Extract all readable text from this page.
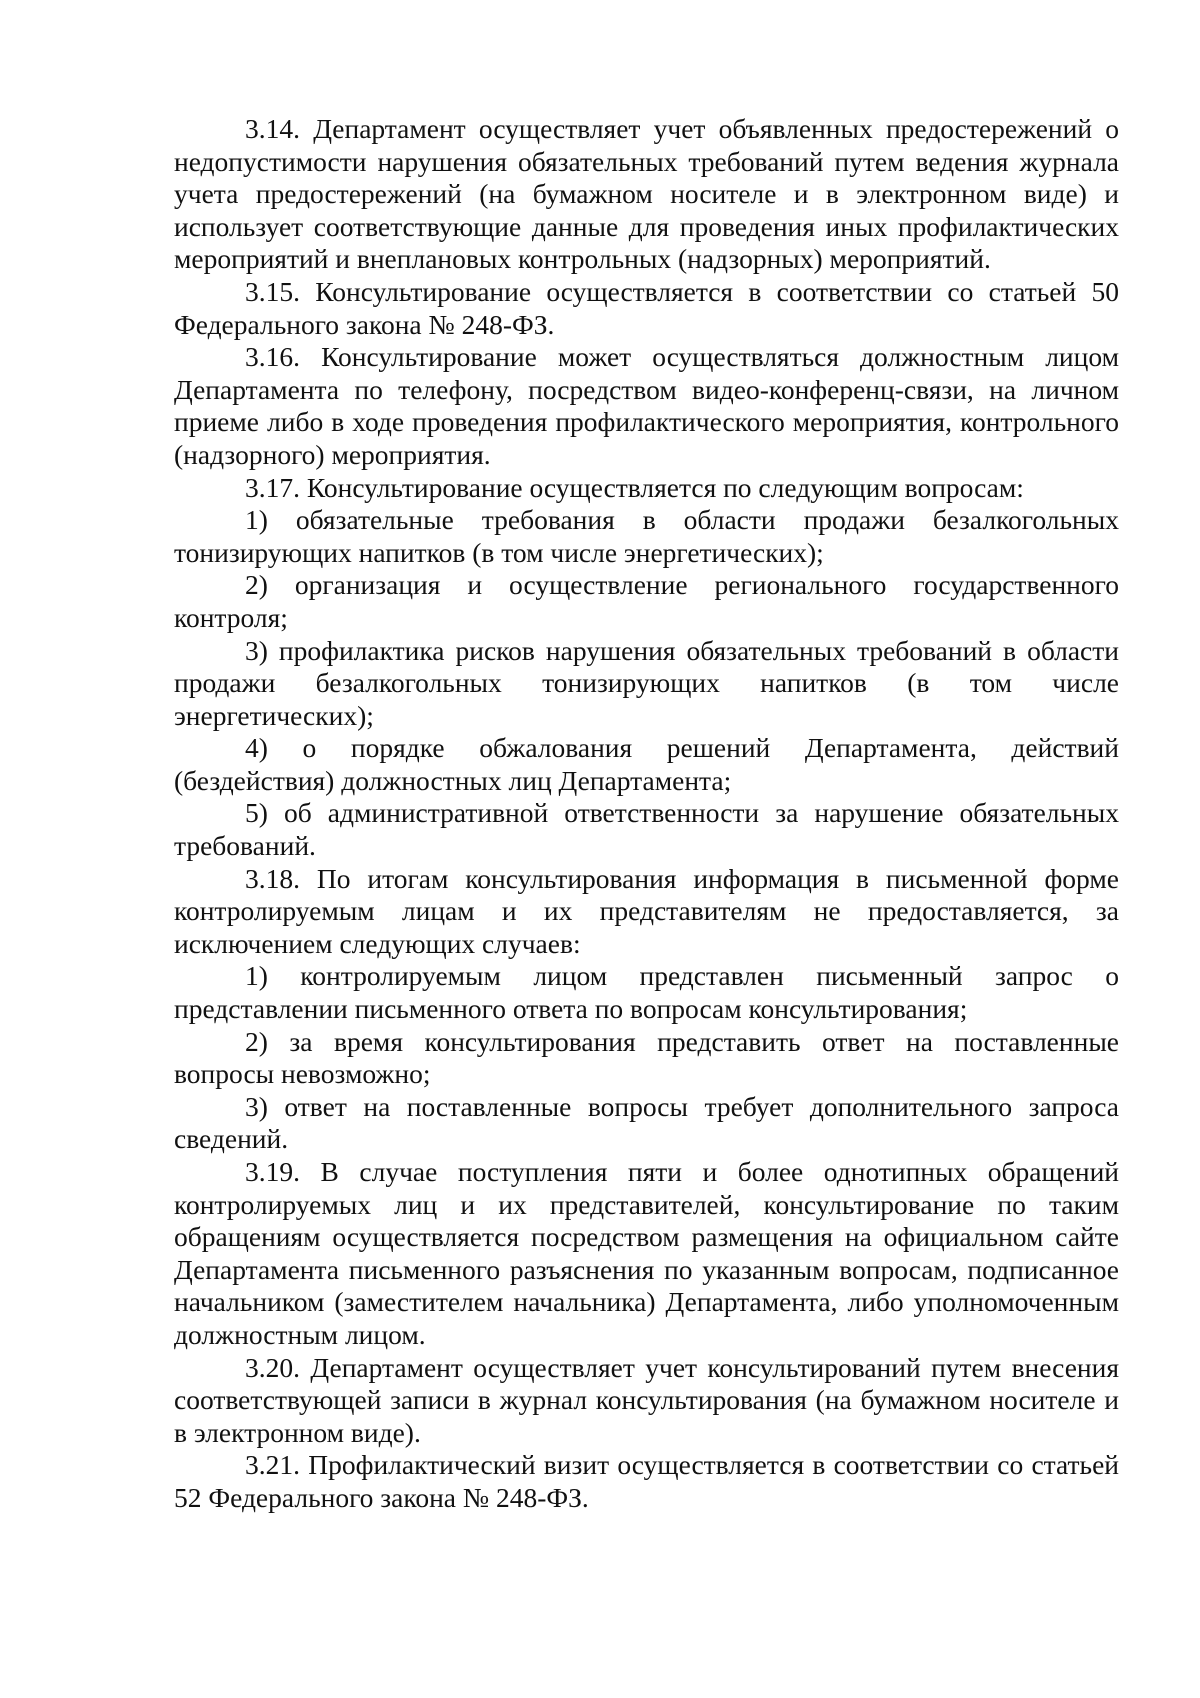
3.14. Департамент осуществляет учет объявленных предостережений о недопустимости нарушения обязательных требований путем ведения журнала учета предостережений (на бумажном носителе и в электронном виде) и использует соответствующие данные для проведения иных профилактических мероприятий и внеплановых контрольных (надзорных) мероприятий.

3.15. Консультирование осуществляется в соответствии со статьей 50 Федерального закона № 248-ФЗ.

3.16. Консультирование может осуществляться должностным лицом Департамента по телефону, посредством видео-конференц-связи, на личном приеме либо в ходе проведения профилактического мероприятия, контрольного (надзорного) мероприятия.

3.17. Консультирование осуществляется по следующим вопросам:

1) обязательные требования в области продажи безалкогольных тонизирующих напитков (в том числе энергетических);

2) организация и осуществление регионального государственного контроля;

3) профилактика рисков нарушения обязательных требований в области продажи безалкогольных тонизирующих напитков (в том числе энергетических);

4) о порядке обжалования решений Департамента, действий (бездействия) должностных лиц Департамента;

5) об административной ответственности за нарушение обязательных требований.

3.18. По итогам консультирования информация в письменной форме контролируемым лицам и их представителям не предоставляется, за исключением следующих случаев:

1) контролируемым лицом представлен письменный запрос о представлении письменного ответа по вопросам консультирования;

2) за время консультирования представить ответ на поставленные вопросы невозможно;

3) ответ на поставленные вопросы требует дополнительного запроса сведений.

3.19. В случае поступления пяти и более однотипных обращений контролируемых лиц и их представителей, консультирование по таким обращениям осуществляется посредством размещения на официальном сайте Департамента письменного разъяснения по указанным вопросам, подписанное начальником (заместителем начальника) Департамента, либо уполномоченным должностным лицом.

3.20. Департамент осуществляет учет консультирований путем внесения соответствующей записи в журнал консультирования (на бумажном носителе и в электронном виде).

3.21. Профилактический визит осуществляется в соответствии со статьей 52 Федерального закона № 248-ФЗ.
